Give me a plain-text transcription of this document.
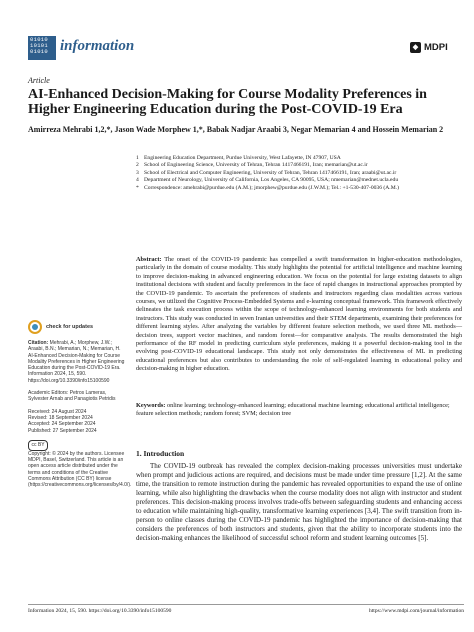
01010
10101
01010 information	◆ MDPI
Article
AI-Enhanced Decision-Making for Course Modality Preferences in Higher Engineering Education during the Post-COVID-19 Era
Amirreza Mehrabi 1,2,*, Jason Wade Morphew 1,*, Babak Nadjar Araabi 3, Negar Memarian 4 and Hossein Memarian 2
1 Engineering Education Department, Purdue University, West Lafayette, IN 47907, USA
2 School of Engineering Science, University of Tehran, Tehran 1417466191, Iran; memarian@ut.ac.ir
3 School of Electrical and Computer Engineering, University of Tehran, Tehran 1417466191, Iran; araabi@ut.ac.ir
4 Department of Neurology, University of California, Los Angeles, CA 90095, USA; nmemarian@mednet.ucla.edu
* Correspondence: amehrabi@purdue.edu (A.M.); jmorphew@purdue.edu (J.W.M.); Tel.: +1-530-407-0036 (A.M.)
Abstract: The onset of the COVID-19 pandemic has compelled a swift transformation in higher-education methodologies, particularly in the domain of course modality. This study highlights the potential for artificial intelligence and machine learning to improve decision-making in advanced engineering education. We focus on the potential for large existing datasets to align institutional decisions with student and faculty preferences in the face of rapid changes in instructional approaches prompted by the COVID-19 pandemic. To ascertain the preferences of students and instructors regarding class modalities across various courses, we utilized the Cognitive Process-Embedded Systems and e-learning conceptual framework. This framework effectively delineates the task execution process within the scope of technology-enhanced learning environments for both students and instructors. This study was conducted in seven Iranian universities and their STEM departments, examining their preferences for different learning styles. After analyzing the variables by different feature selection methods, we used three ML methods—decision trees, support vector machines, and random forest—for comparative analysis. The results demonstrated the high performance of the RF model in predicting curriculum style preferences, making it a powerful decision-making tool in the evolving post-COVID-19 educational landscape. This study not only demonstrates the effectiveness of ML in predicting educational preferences but also contributes to understanding the role of self-regulated learning in educational policy and decision-making in higher education.
Keywords: online learning; technology-enhanced learning; educational machine learning; educational artificial intelligence; feature selection methods; random forest; SVM; decision tree
check for updates
Citation: Mehrabi, A.; Morphew, J.W.; Araabi, B.N.; Memarian, N.; Memarian, H. AI-Enhanced Decision-Making for Course Modality Preferences in Higher Engineering Education during the Post-COVID-19 Era. Information 2024, 15, 590. https://doi.org/10.3390/info15100590
Academic Editors: Petros Lameras, Sylvester Arnab and Panagiotis Petridis
Received: 24 August 2024
Revised: 18 September 2024
Accepted: 24 September 2024
Published: 27 September 2024
cc BY
Copyright: © 2024 by the authors. Licensee MDPI, Basel, Switzerland. This article is an open access article distributed under the terms and conditions of the Creative Commons Attribution (CC BY) license (https://creativecommons.org/licenses/by/4.0/).
1. Introduction
The COVID-19 outbreak has revealed the complex decision-making processes universities must undertake when prompt and judicious actions are required, and decisions must be made under time pressure [1,2]. At the same time, the transition to remote instruction during the pandemic has revealed opportunities to expand the use of online learning, while also highlighting the drawbacks when the course modality does not align with instructor and student preferences. This decision-making process involves trade-offs between safeguarding students and enhancing access to education while maintaining high-quality, transformative learning experiences [3,4]. The swift transition from in-person to online classes during the COVID-19 pandemic has highlighted the importance of decision-making that considers the preferences of both instructors and students, given that the ability to incorporate students into the decision-making enhances the likelihood of successful school reform and student learning outcomes [5].
Information 2024, 15, 590. https://doi.org/10.3390/info15100590	https://www.mdpi.com/journal/information
